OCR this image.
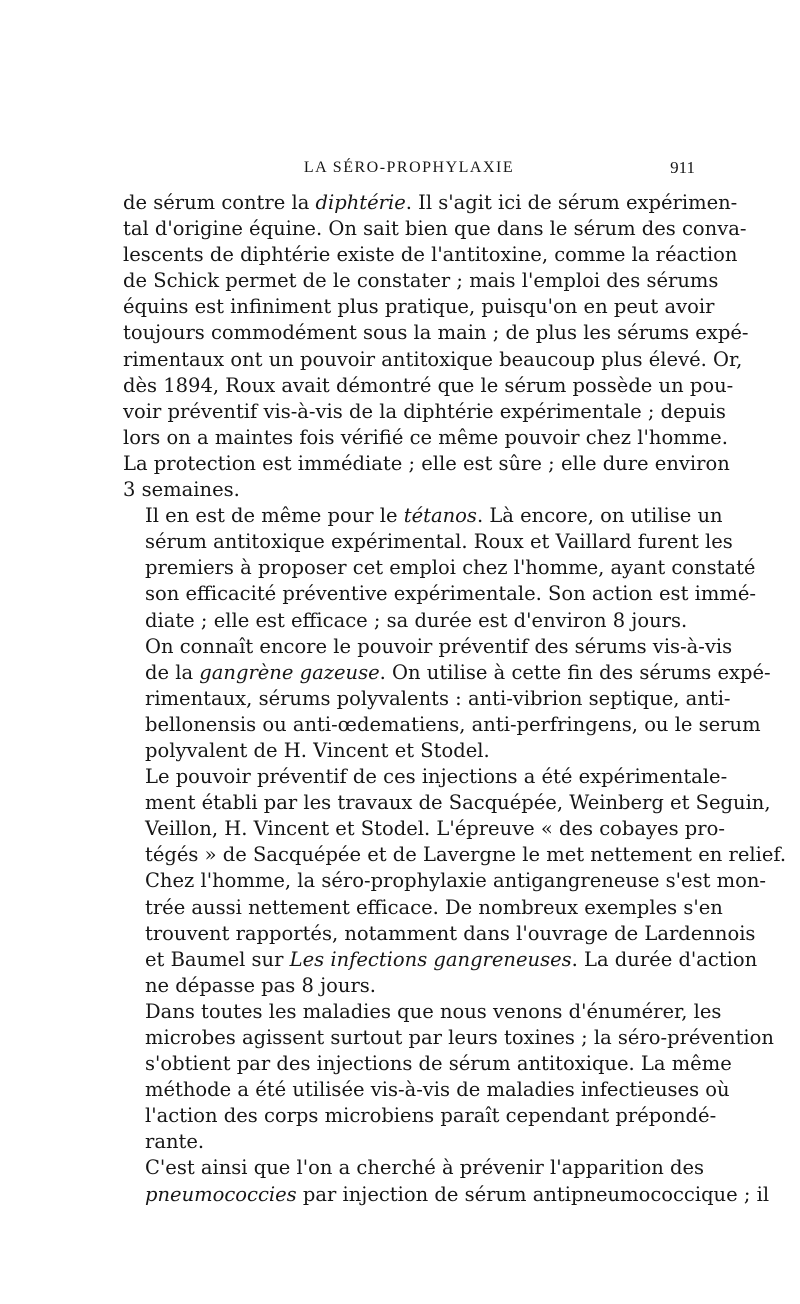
LA SÉRO-PROPHYLAXIE	911

de sérum contre la diphtérie. Il s'agit ici de sérum expérimen-
tal d'origine équine. On sait bien que dans le sérum des conva-
lescents de diphtérie existe de l'antitoxine, comme la réaction
de Schick permet de le constater ; mais l'emploi des sérums
équins est infiniment plus pratique, puisqu'on en peut avoir
toujours commodément sous la main ; de plus les sérums expé-
rimentaux ont un pouvoir antitoxique beaucoup plus élevé. Or,
dès 1894, Roux avait démontré que le sérum possède un pou-
voir préventif vis-à-vis de la diphtérie expérimentale ; depuis
lors on a maintes fois vérifié ce même pouvoir chez l'homme.
La protection est immédiate ; elle est sûre ; elle dure environ
3 semaines.

Il en est de même pour le tétanos. Là encore, on utilise un
sérum antitoxique expérimental. Roux et Vaillard furent les
premiers à proposer cet emploi chez l'homme, ayant constaté
son efficacité préventive expérimentale. Son action est immé-
diate ; elle est efficace ; sa durée est d'environ 8 jours.

On connaît encore le pouvoir préventif des sérums vis-à-vis
de la gangrène gazeuse. On utilise à cette fin des sérums expé-
rimentaux, sérums polyvalents : anti-vibrion septique, anti-
bellonensis ou anti-œdematiens, anti-perfringens, ou le serum
polyvalent de H. Vincent et Stodel.

Le pouvoir préventif de ces injections a été expérimentale-
ment établi par les travaux de Sacquépée, Weinberg et Seguin,
Veillon, H. Vincent et Stodel. L'épreuve « des cobayes pro-
tégés » de Sacquépée et de Lavergne le met nettement en relief.
Chez l'homme, la séro-prophylaxie antigangreneuse s'est mon-
trée aussi nettement efficace. De nombreux exemples s'en
trouvent rapportés, notamment dans l'ouvrage de Lardennois
et Baumel sur Les infections gangreneuses. La durée d'action
ne dépasse pas 8 jours.

Dans toutes les maladies que nous venons d'énumérer, les
microbes agissent surtout par leurs toxines ; la séro-prévention
s'obtient par des injections de sérum antitoxique. La même
méthode a été utilisée vis-à-vis de maladies infectieuses où
l'action des corps microbiens paraît cependant prépondé-
rante.

C'est ainsi que l'on a cherché à prévenir l'apparition des
pneumococcies par injection de sérum antipneumococcique ; il
